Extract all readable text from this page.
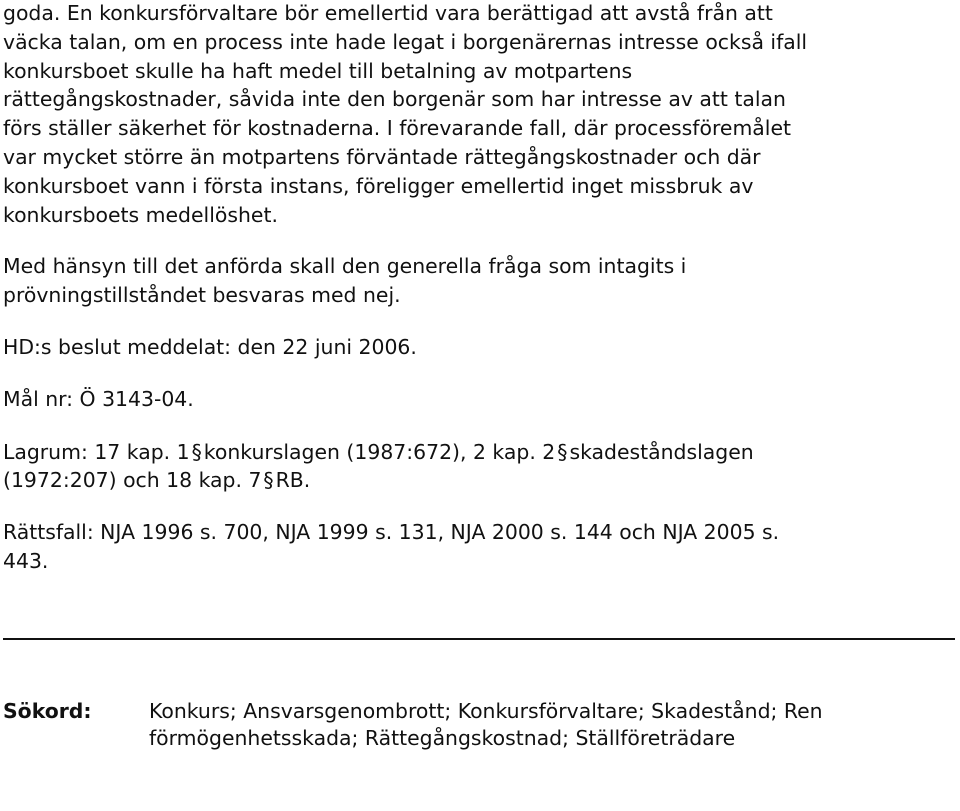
goda. En konkursförvaltare bör emellertid vara berättigad att avstå från att
väcka talan, om en process inte hade legat i borgenärernas intresse också ifall
konkursboet skulle ha haft medel till betalning av motpartens
rättegångskostnader, såvida inte den borgenär som har intresse av att talan
förs ställer säkerhet för kostnaderna. I förevarande fall, där processföremålet
var mycket större än motpartens förväntade rättegångskostnader och där
konkursboet vann i första instans, föreligger emellertid inget missbruk av
konkursboets medellöshet.

Med hänsyn till det anförda skall den generella fråga som intagits i
prövningstillståndet besvaras med nej.

HD:s beslut meddelat: den 22 juni 2006.

Mål nr: Ö 3143-04.

Lagrum: 17 kap. 1§konkurslagen (1987:672), 2 kap. 2§skadeståndslagen
(1972:207) och 18 kap. 7§RB.

Rättsfall: NJA 1996 s. 700, NJA 1999 s. 131, NJA 2000 s. 144 och NJA 2005 s.
443.

Sökord:	Konkurs; Ansvarsgenombrott; Konkursförvaltare; Skadestånd; Ren
förmögenhetsskada; Rättegångskostnad; Ställföreträdare
